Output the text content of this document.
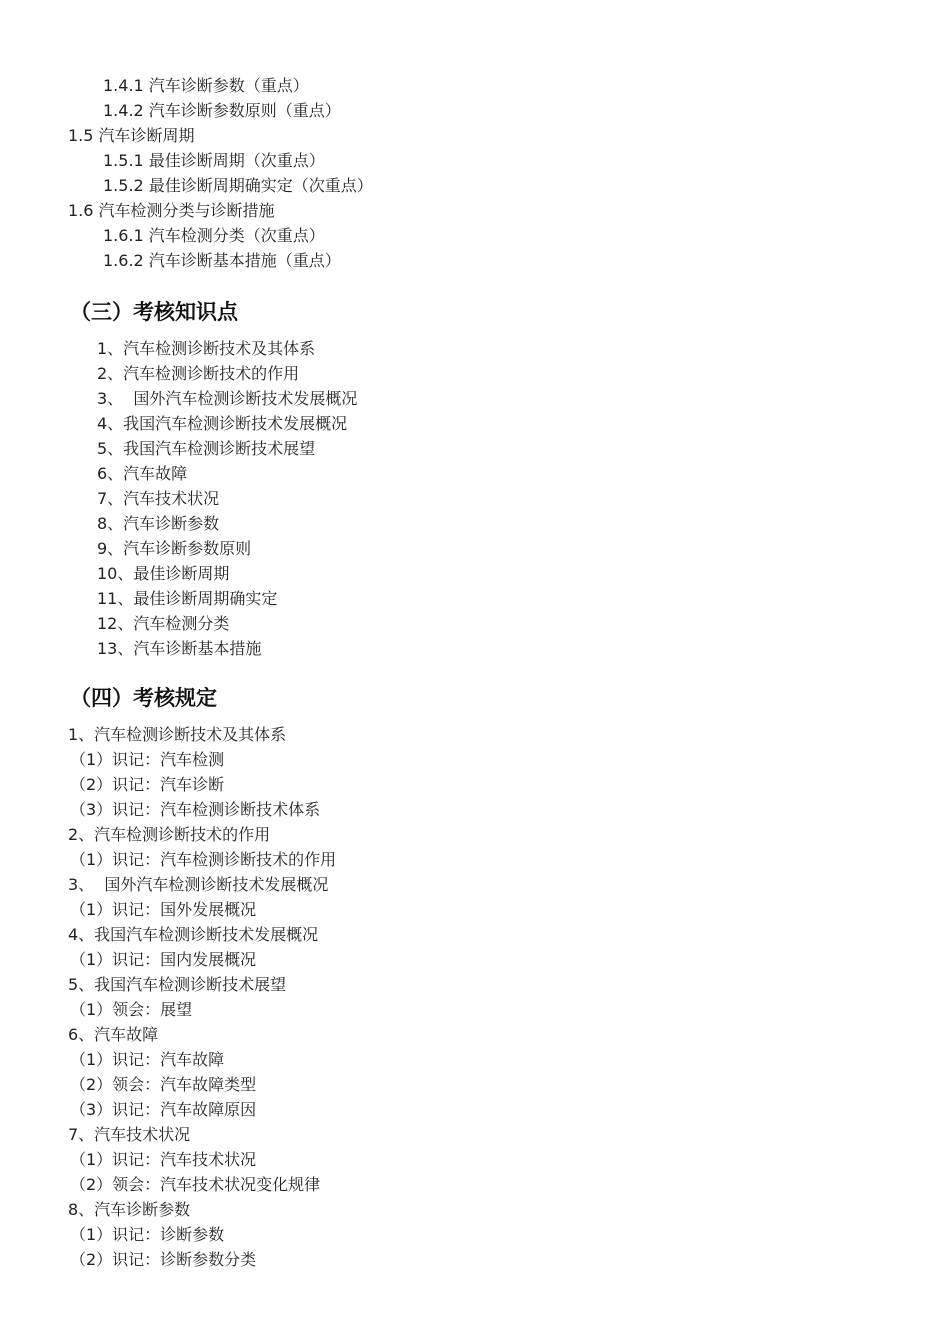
1.4.1 汽车诊断参数（重点）
1.4.2 汽车诊断参数原则（重点）
1.5 汽车诊断周期
1.5.1 最佳诊断周期（次重点）
1.5.2 最佳诊断周期确实定（次重点）
1.6 汽车检测分类与诊断措施
1.6.1 汽车检测分类（次重点）
1.6.2 汽车诊断基本措施（重点）
（三）考核知识点
1、汽车检测诊断技术及其体系
2、汽车检测诊断技术的作用
3、  国外汽车检测诊断技术发展概况
4、我国汽车检测诊断技术发展概况
5、我国汽车检测诊断技术展望
6、汽车故障
7、汽车技术状况
8、汽车诊断参数
9、汽车诊断参数原则
10、最佳诊断周期
11、最佳诊断周期确实定
12、汽车检测分类
13、汽车诊断基本措施
（四）考核规定
1、汽车检测诊断技术及其体系
（1）识记：汽车检测
（2）识记：汽车诊断
（3）识记：汽车检测诊断技术体系
2、汽车检测诊断技术的作用
（1）识记：汽车检测诊断技术的作用
3、  国外汽车检测诊断技术发展概况
（1）识记：国外发展概况
4、我国汽车检测诊断技术发展概况
（1）识记：国内发展概况
5、我国汽车检测诊断技术展望
（1）领会：展望
6、汽车故障
（1）识记：汽车故障
（2）领会：汽车故障类型
（3）识记：汽车故障原因
7、汽车技术状况
（1）识记：汽车技术状况
（2）领会：汽车技术状况变化规律
8、汽车诊断参数
（1）识记：诊断参数
（2）识记：诊断参数分类
